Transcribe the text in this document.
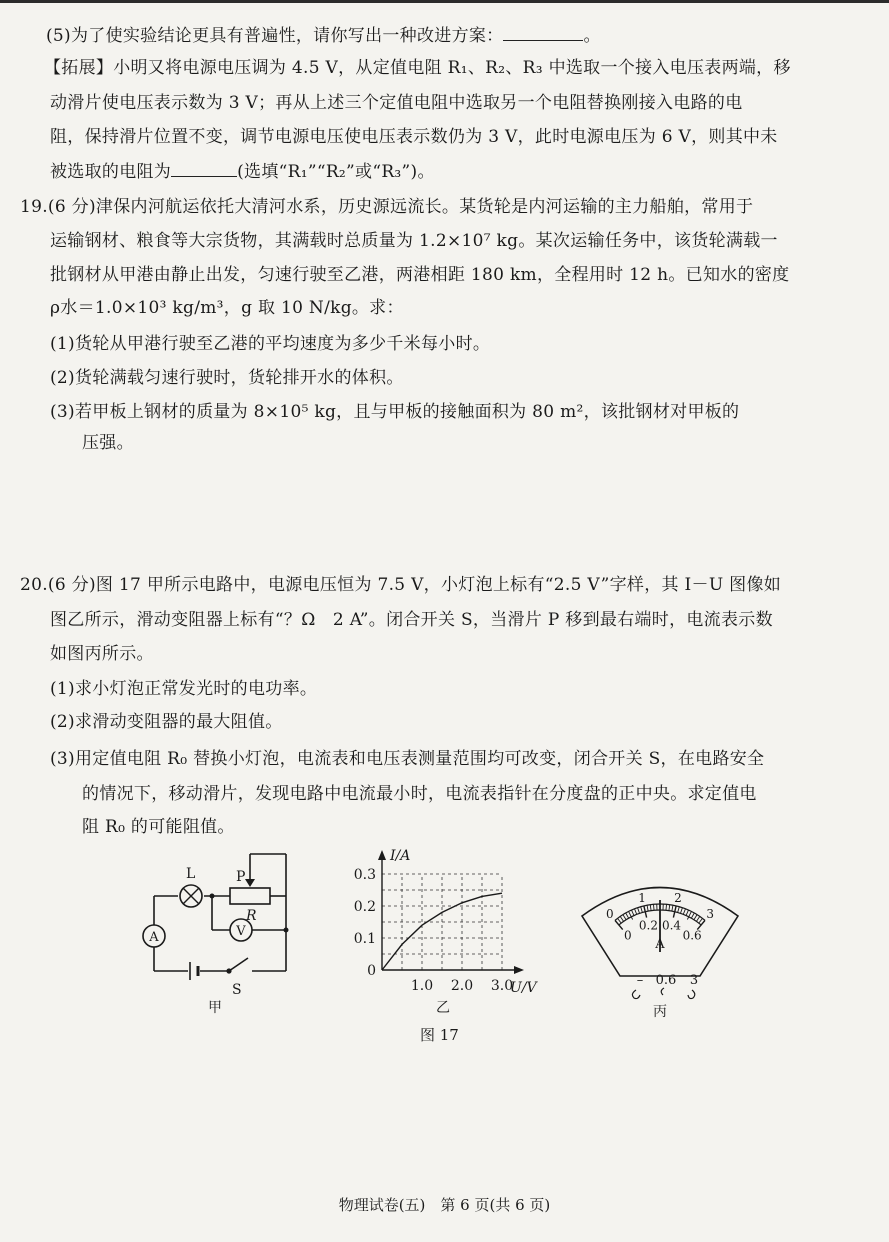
(5)为了使实验结论更具有普遍性，请你写出一种改进方案：	。
【拓展】小明又将电源电压调为 4.5 V，从定值电阻 R₁、R₂、R₃ 中选取一个接入电压表两端，移
动滑片使电压表示数为 3 V；再从上述三个定值电阻中选取另一个电阻替换刚接入电路的电
阻，保持滑片位置不变，调节电源电压使电压表示数仍为 3 V，此时电源电压为 6 V，则其中未
被选取的电阻为	(选填“R₁”“R₂”或“R₃”)。
19.(6 分)津保内河航运依托大清河水系，历史源远流长。某货轮是内河运输的主力船舶，常用于
运输钢材、粮食等大宗货物，其满载时总质量为 1.2×10⁷ kg。某次运输任务中，该货轮满载一
批钢材从甲港由静止出发，匀速行驶至乙港，两港相距 180 km，全程用时 12 h。已知水的密度
ρ水＝1.0×10³ kg/m³，g 取 10 N/kg。求：
(1)货轮从甲港行驶至乙港的平均速度为多少千米每小时。
(2)货轮满载匀速行驶时，货轮排开水的体积。
(3)若甲板上钢材的质量为 8×10⁵ kg，且与甲板的接触面积为 80 m²，该批钢材对甲板的
压强。
20.(6 分)图 17 甲所示电路中，电源电压恒为 7.5 V，小灯泡上标有“2.5 V”字样，其 I－U 图像如
图乙所示，滑动变阻器上标有“？Ω　2 A”。闭合开关 S，当滑片 P 移到最右端时，电流表示数
如图丙所示。
(1)求小灯泡正常发光时的电功率。
(2)求滑动变阻器的最大阻值。
(3)用定值电阻 R₀ 替换小灯泡，电流表和电压表测量范围均可改变，闭合开关 S，在电路安全
的情况下，移动滑片，发现电路中电流最小时，电流表指针在分度盘的正中央。求定值电
阻 R₀ 的可能阻值。
A	V
L	P
R
S
甲
0.3
0.2
0.1
0
1.0 2.0 3.0
I/A
U/V
乙
0
1 2
3
0
0.2 0.4
0.6
A
– 0.6 3
丙
图 17
物理试卷(五)　第 6 页(共 6 页)
